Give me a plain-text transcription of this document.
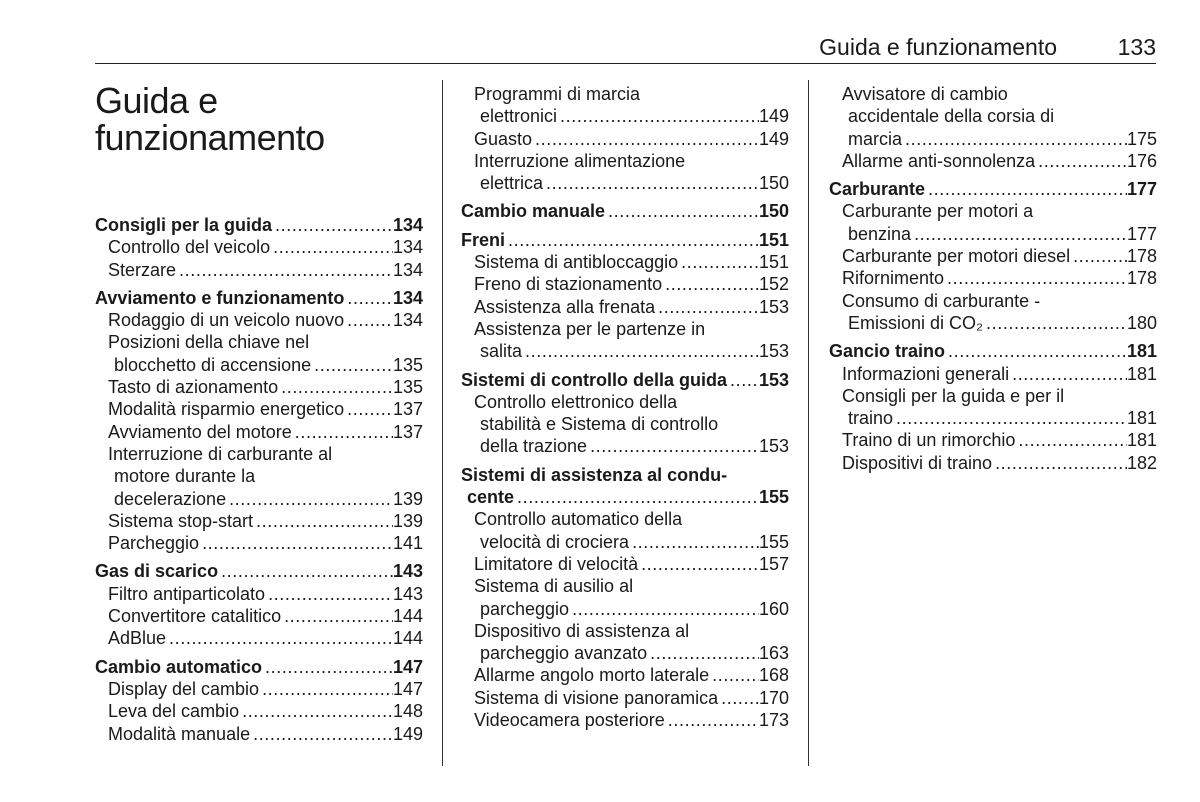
Guida e funzionamento	133
Guida e
funzionamento
Consigli per la guida . . .	134
Controllo del veicolo . . .	134
Sterzare . . .	134
Avviamento e funzionamento . . .	134
Rodaggio di un veicolo nuovo . . .	134
Posizioni della chiave nel
blocchetto di accensione . . .	135
Tasto di azionamento . . .	135
Modalità risparmio energetico . . .	137
Avviamento del motore . . .	137
Interruzione di carburante al
motore durante la
decelerazione . . .	139
Sistema stop-start . . .	139
Parcheggio . . .	141
Gas di scarico . . .	143
Filtro antiparticolato . . .	143
Convertitore catalitico . . .	144
AdBlue . . .	144
Cambio automatico . . .	147
Display del cambio . . .	147
Leva del cambio . . .	148
Modalità manuale . . .	149
Programmi di marcia
elettronici . . .	149
Guasto . . .	149
Interruzione alimentazione
elettrica . . .	150
Cambio manuale . . .	150
Freni . . .	151
Sistema di antibloccaggio . . .	151
Freno di stazionamento . . .	152
Assistenza alla frenata . . .	153
Assistenza per le partenze in
salita . . .	153
Sistemi di controllo della guida . . . 153
Controllo elettronico della
stabilità e Sistema di controllo
della trazione . . .	153
Sistemi di assistenza al condu-
cente . . .	155
Controllo automatico della
velocità di crociera . . .	155
Limitatore di velocità . . .	157
Sistema di ausilio al
parcheggio . . .	160
Dispositivo di assistenza al
parcheggio avanzato . . .	163
Allarme angolo morto laterale . . .	168
Sistema di visione panoramica . . . 170
Videocamera posteriore . . .	173
Avvisatore di cambio
accidentale della corsia di
marcia . . .	175
Allarme anti-sonnolenza . . .	176
Carburante . . .	177
Carburante per motori a
benzina . . .	177
Carburante per motori diesel . . .	178
Rifornimento . . .	178
Consumo di carburante -
Emissioni di CO₂ . . .	180
Gancio traino . . .	181
Informazioni generali . . .	181
Consigli per la guida e per il
traino . . .	181
Traino di un rimorchio . . .	181
Dispositivi di traino . . .	182
